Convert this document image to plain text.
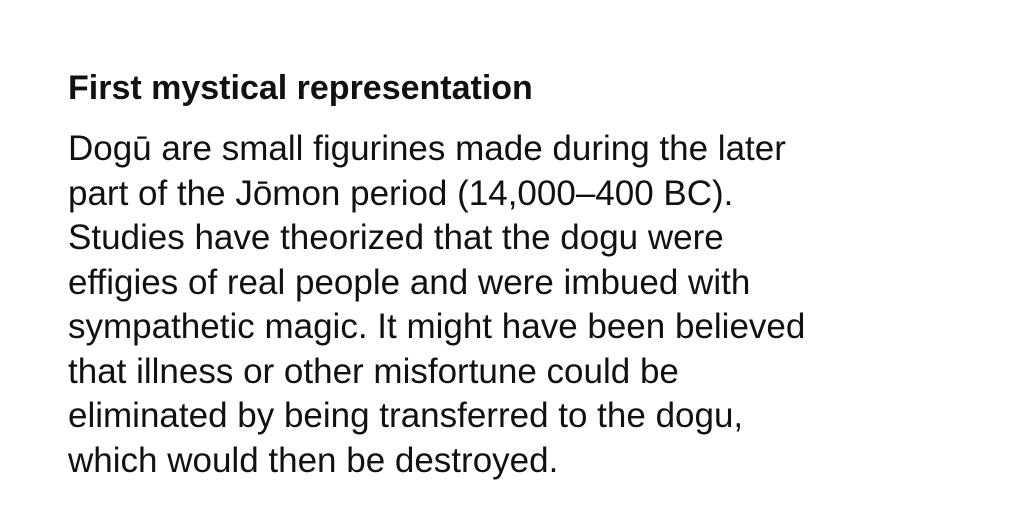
First mystical representation

Dogū are small figurines made during the later
part of the Jōmon period (14,000–400 BC).
Studies have theorized that the dogu were
effigies of real people and were imbued with
sympathetic magic. It might have been believed
that illness or other misfortune could be
eliminated by being transferred to the dogu,
which would then be destroyed.
